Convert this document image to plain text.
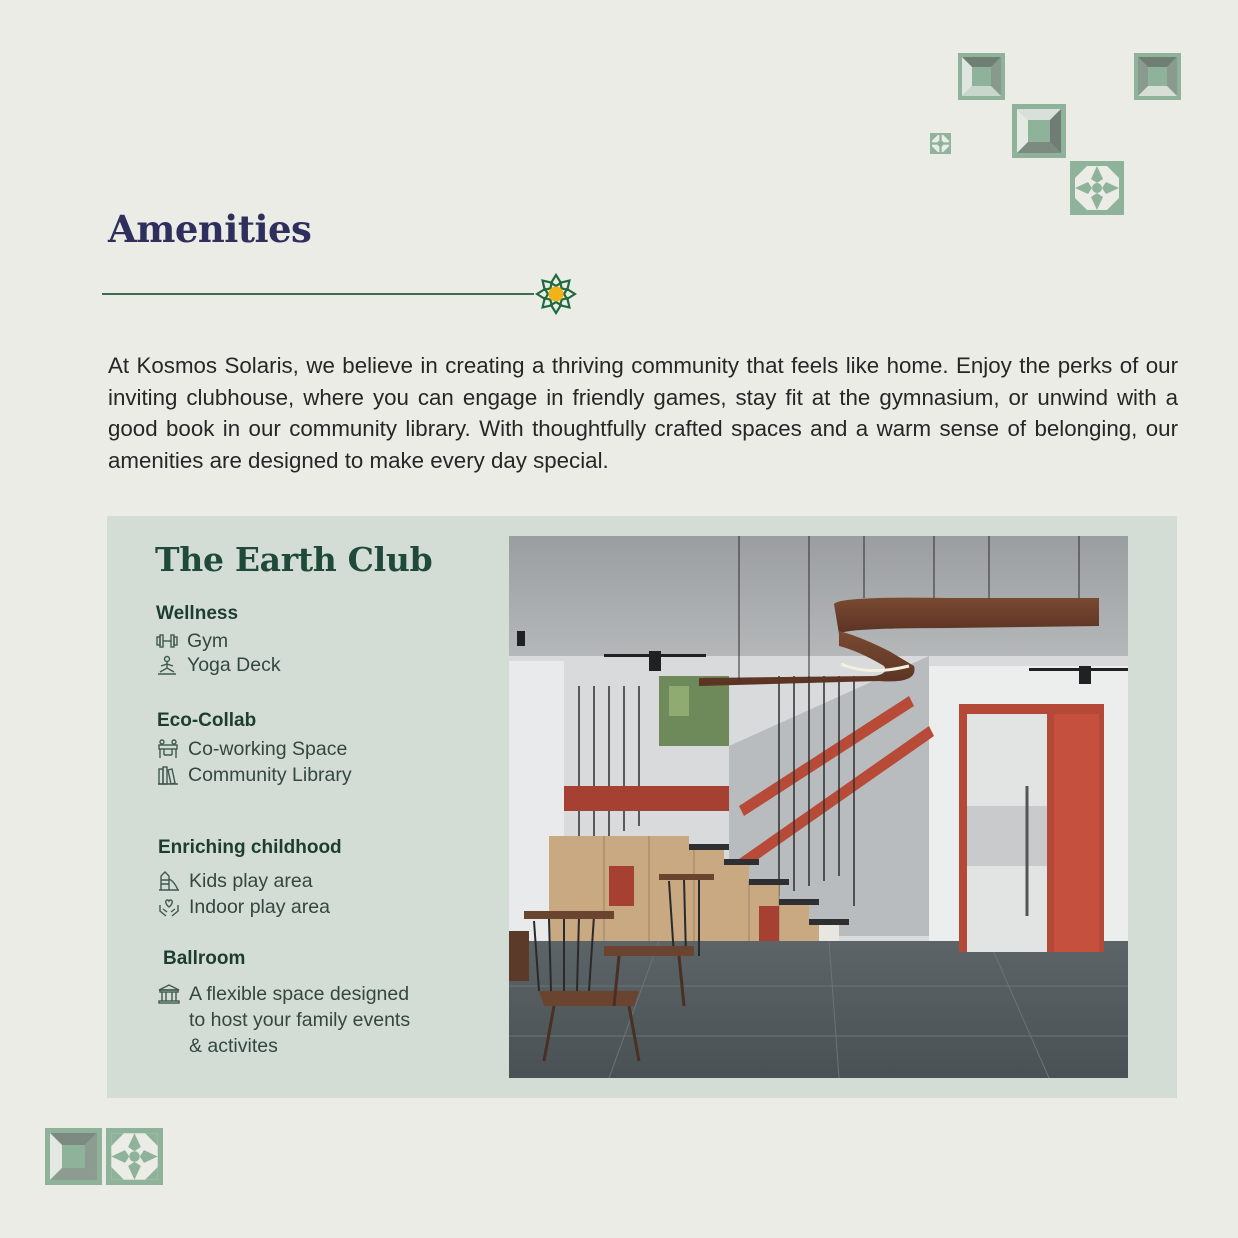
Amenities

At Kosmos Solaris, we believe in creating a thriving community that feels like home. Enjoy the perks of our inviting clubhouse, where you can engage in friendly games, stay fit at the gymnasium, or unwind with a good book in our community library. With thoughtfully crafted spaces and a warm sense of belonging, our amenities are designed to make every day special.

The Earth Club
Wellness
Gym
Yoga Deck
Eco-Collab
Co-working Space
Community Library
Enriching childhood
Kids play area
Indoor play area
Ballroom
A flexible space designed
to host your family events
& activites
